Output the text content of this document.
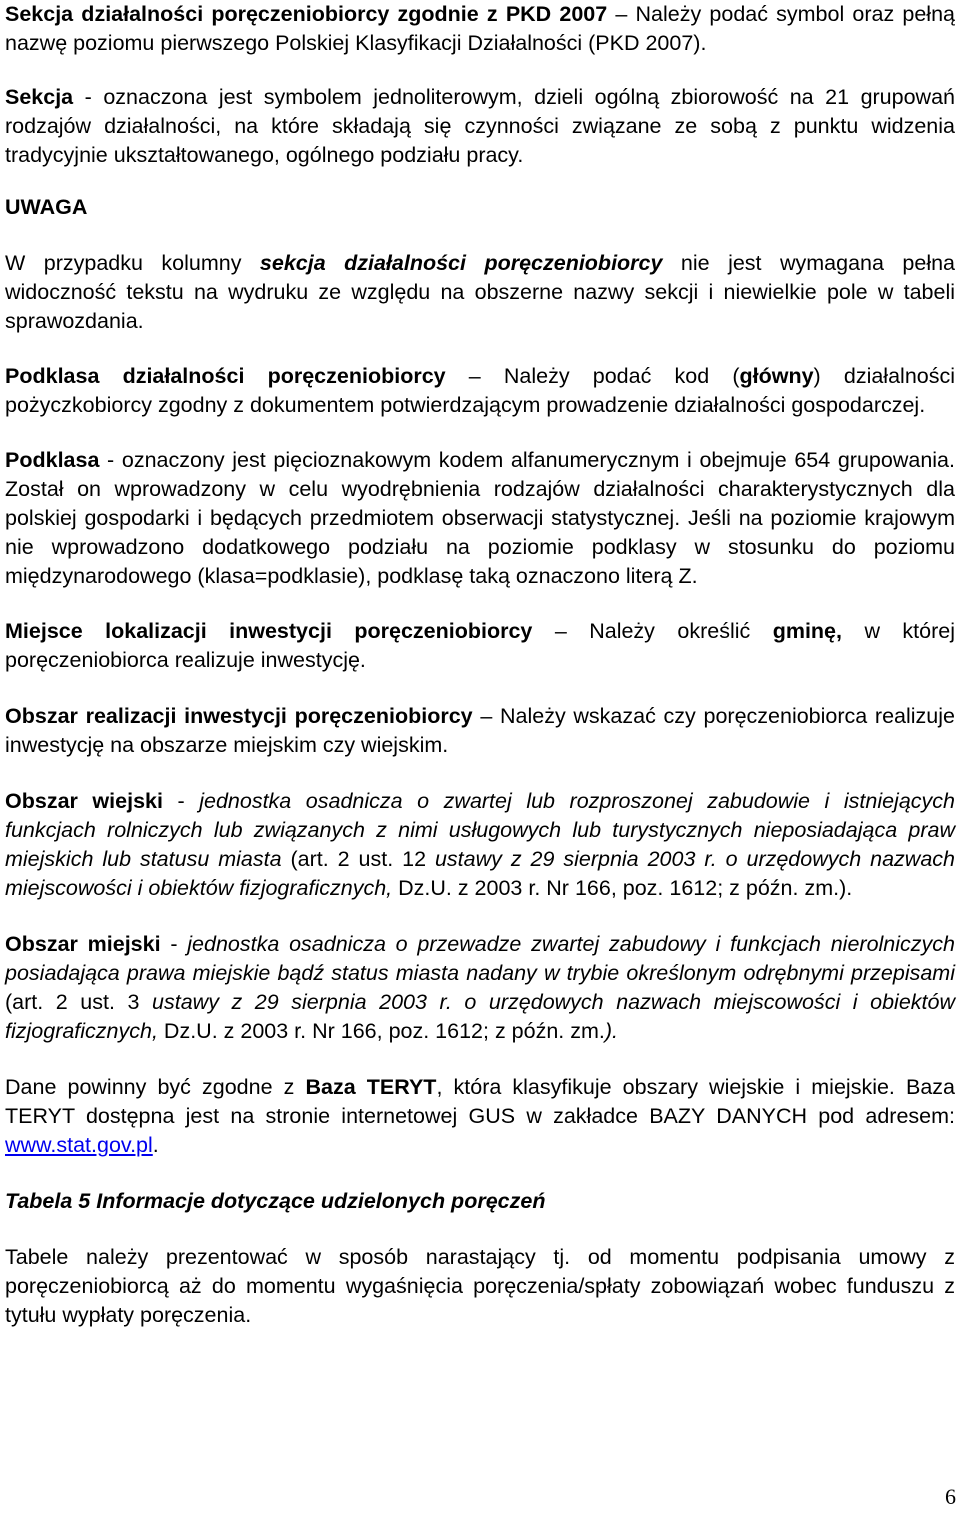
Sekcja działalności poręczeniobiorcy zgodnie z PKD 2007 – Należy podać symbol oraz pełną nazwę poziomu pierwszego Polskiej Klasyfikacji Działalności (PKD 2007).

Sekcja - oznaczona jest symbolem jednoliterowym, dzieli ogólną zbiorowość na 21 grupowań rodzajów działalności, na które składają się czynności związane ze sobą z punktu widzenia tradycyjnie ukształtowanego, ogólnego podziału pracy.

UWAGA

W przypadku kolumny sekcja działalności poręczeniobiorcy nie jest wymagana pełna widoczność tekstu na wydruku ze względu na obszerne nazwy sekcji i niewielkie pole w tabeli sprawozdania.

Podklasa działalności poręczeniobiorcy – Należy podać kod (główny) działalności pożyczkobiorcy zgodny z dokumentem potwierdzającym prowadzenie działalności gospodarczej.

Podklasa - oznaczony jest pięcioznakowym kodem alfanumerycznym i obejmuje 654 grupowania. Został on wprowadzony w celu wyodrębnienia rodzajów działalności charakterystycznych dla polskiej gospodarki i będących przedmiotem obserwacji statystycznej. Jeśli na poziomie krajowym nie wprowadzono dodatkowego podziału na poziomie podklasy w stosunku do poziomu międzynarodowego (klasa=podklasie), podklasę taką oznaczono literą Z.

Miejsce lokalizacji inwestycji poręczeniobiorcy – Należy określić gminę, w której poręczeniobiorca realizuje inwestycję.

Obszar realizacji inwestycji poręczeniobiorcy – Należy wskazać czy poręczeniobiorca realizuje inwestycję na obszarze miejskim czy wiejskim.

Obszar wiejski - jednostka osadnicza o zwartej lub rozproszonej zabudowie i istniejących funkcjach rolniczych lub związanych z nimi usługowych lub turystycznych nieposiadająca praw miejskich lub statusu miasta (art. 2 ust. 12 ustawy z 29 sierpnia 2003 r. o urzędowych nazwach miejscowości i obiektów fizjograficznych, Dz.U. z 2003 r. Nr 166, poz. 1612; z późn. zm.).

Obszar miejski - jednostka osadnicza o przewadze zwartej zabudowy i funkcjach nierolniczych posiadająca prawa miejskie bądź status miasta nadany w trybie określonym odrębnymi przepisami (art. 2 ust. 3 ustawy z 29 sierpnia 2003 r. o urzędowych nazwach miejscowości i obiektów fizjograficznych, Dz.U. z 2003 r. Nr 166, poz. 1612; z późn. zm.).

Dane powinny być zgodne z Baza TERYT, która klasyfikuje obszary wiejskie i miejskie. Baza TERYT dostępna jest na stronie internetowej GUS w zakładce BAZY DANYCH pod adresem: www.stat.gov.pl.

Tabela 5 Informacje dotyczące udzielonych poręczeń

Tabele należy prezentować w sposób narastający tj. od momentu podpisania umowy z poręczeniobiorcą aż do momentu wygaśnięcia poręczenia/spłaty zobowiązań wobec funduszu z tytułu wypłaty poręczenia.

6
